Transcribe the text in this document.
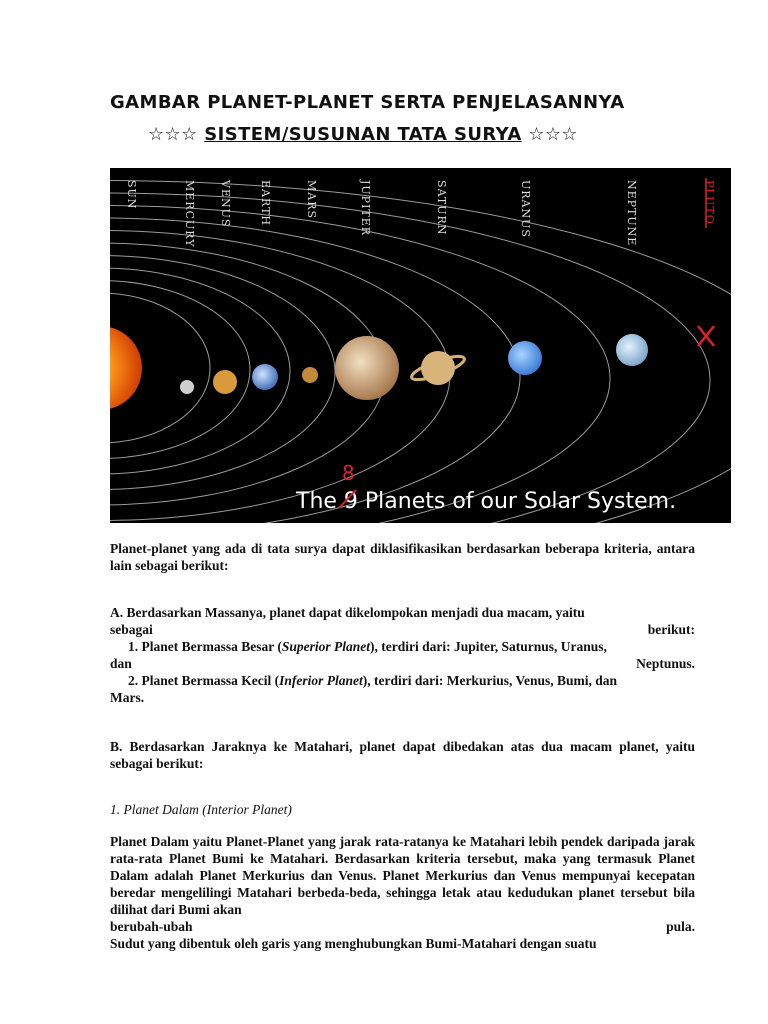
GAMBAR PLANET-PLANET SERTA PENJELASANNYA
☆☆☆ SISTEM/SUSUNAN TATA SURYA ☆☆☆
SUN	MERCURY VENUS EARTH	MARS	JUPITER	SATURN	URANUS	NEPTUNE	PLUTO
The 9 Planets of our Solar System.
8
Planet-planet yang ada di tata surya dapat diklasifikasikan berdasarkan beberapa kriteria, antara lain sebagai berikut:
A. Berdasarkan Massanya, planet dapat dikelompokan menjadi dua macam, yaitu
sebagai	berikut:
1. Planet Bermassa Besar (Superior Planet), terdiri dari: Jupiter, Saturnus, Uranus,
dan	Neptunus.
2. Planet Bermassa Kecil (Inferior Planet), terdiri dari: Merkurius, Venus, Bumi, dan
Mars.
B. Berdasarkan Jaraknya ke Matahari, planet dapat dibedakan atas dua macam planet, yaitu sebagai berikut:
1. Planet Dalam (Interior Planet)
Planet Dalam yaitu Planet-Planet yang jarak rata-ratanya ke Matahari lebih pendek daripada jarak rata-rata Planet Bumi ke Matahari. Berdasarkan kriteria tersebut, maka yang termasuk Planet Dalam adalah Planet Merkurius dan Venus. Planet Merkurius dan Venus mempunyai kecepatan beredar mengelilingi Matahari berbeda-beda, sehingga letak atau kedudukan planet tersebut bila dilihat dari Bumi akan
berubah-ubah	pula.
Sudut yang dibentuk oleh garis yang menghubungkan Bumi-Matahari dengan suatu
